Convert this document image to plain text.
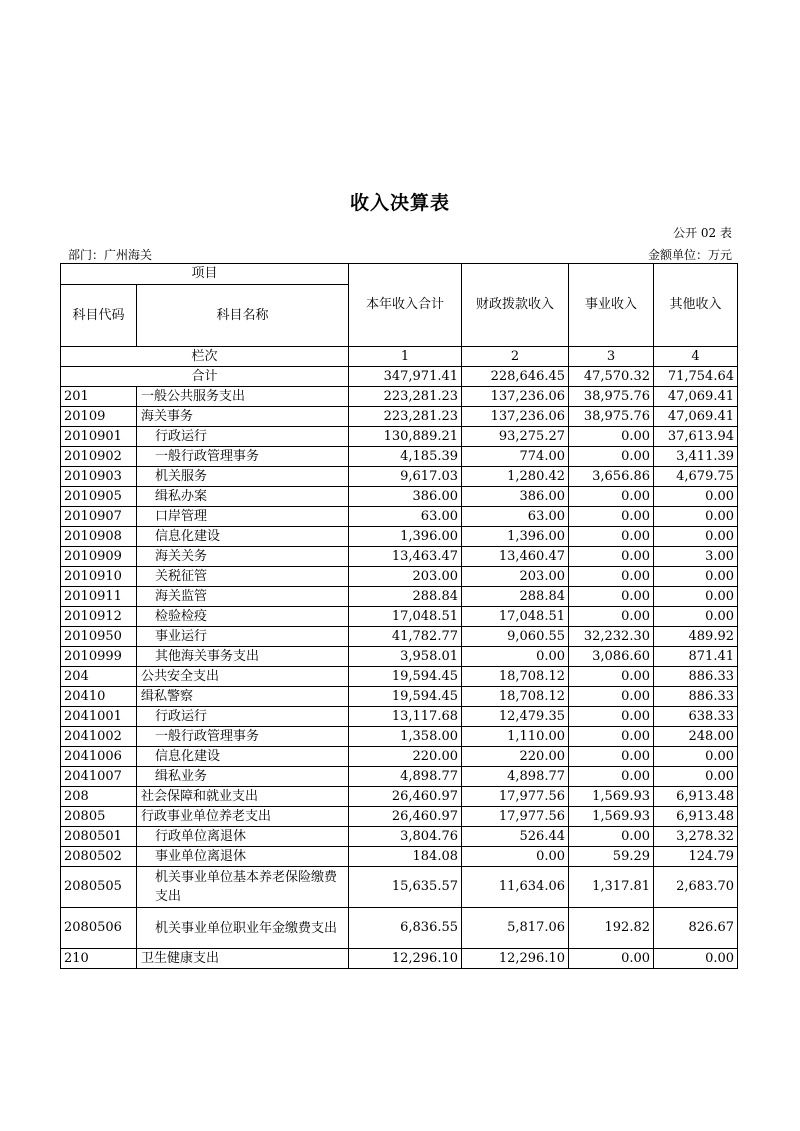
收入决算表
公开 02 表
部门：广州海关	金额单位：万元
项目		本年收入合计	财政拨款收入	事业收入	其他收入
科目代码	科目名称				
栏次		1	2	3	4
合计		347,971.41	228,646.45	47,570.32	71,754.64
201	一般公共服务支出	223,281.23	137,236.06	38,975.76	47,069.41
20109	海关事务	223,281.23	137,236.06	38,975.76	47,069.41
2010901	行政运行	130,889.21	93,275.27	0.00	37,613.94
2010902	一般行政管理事务	4,185.39	774.00	0.00	3,411.39
2010903	机关服务	9,617.03	1,280.42	3,656.86	4,679.75
2010905	缉私办案	386.00	386.00	0.00	0.00
2010907	口岸管理	63.00	63.00	0.00	0.00
2010908	信息化建设	1,396.00	1,396.00	0.00	0.00
2010909	海关关务	13,463.47	13,460.47	0.00	3.00
2010910	关税征管	203.00	203.00	0.00	0.00
2010911	海关监管	288.84	288.84	0.00	0.00
2010912	检验检疫	17,048.51	17,048.51	0.00	0.00
2010950	事业运行	41,782.77	9,060.55	32,232.30	489.92
2010999	其他海关事务支出	3,958.01	0.00	3,086.60	871.41
204	公共安全支出	19,594.45	18,708.12	0.00	886.33
20410	缉私警察	19,594.45	18,708.12	0.00	886.33
2041001	行政运行	13,117.68	12,479.35	0.00	638.33
2041002	一般行政管理事务	1,358.00	1,110.00	0.00	248.00
2041006	信息化建设	220.00	220.00	0.00	0.00
2041007	缉私业务	4,898.77	4,898.77	0.00	0.00
208	社会保障和就业支出	26,460.97	17,977.56	1,569.93	6,913.48
20805	行政事业单位养老支出	26,460.97	17,977.56	1,569.93	6,913.48
2080501	行政单位离退休	3,804.76	526.44	0.00	3,278.32
2080502	事业单位离退休	184.08	0.00	59.29	124.79
2080505	机关事业单位基本养老保险缴费支出	15,635.57	11,634.06	1,317.81	2,683.70
2080506	机关事业单位职业年金缴费支出	6,836.55	5,817.06	192.82	826.67
210	卫生健康支出	12,296.10	12,296.10	0.00	0.00
